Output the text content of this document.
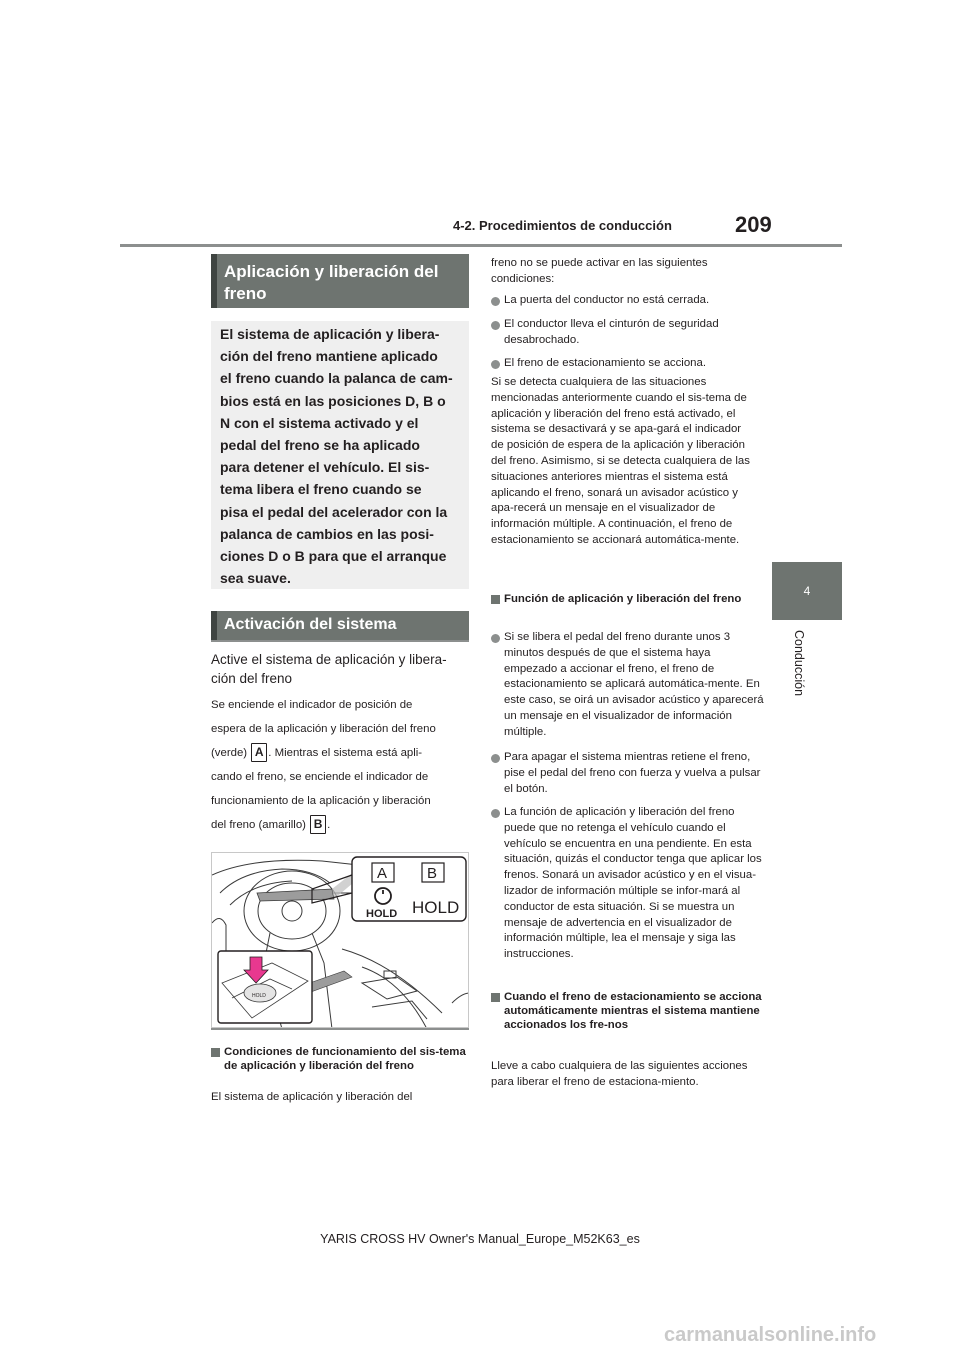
4-2. Procedimientos de conducción	209
4
Conducción
Aplicación y liberación del freno
El sistema de aplicación y libera-
ción del freno mantiene aplicado
el freno cuando la palanca de cam-
bios está en las posiciones D, B o
N con el sistema activado y el
pedal del freno se ha aplicado
para detener el vehículo. El sis-
tema libera el freno cuando se
pisa el pedal del acelerador con la
palanca de cambios en las posi-
ciones D o B para que el arranque
sea suave.
Activación del sistema
Active el sistema de aplicación y libera-
ción del freno
Se enciende el indicador de posición de
espera de la aplicación y liberación del freno
(verde) A . Mientras el sistema está apli-
cando el freno, se enciende el indicador de
funcionamiento de la aplicación y liberación
del freno (amarillo) B .
HOLD
A	B
HOLD HOLD
Condiciones de funcionamiento del sis-tema de aplicación y liberación del freno
El sistema de aplicación y liberación del
freno no se puede activar en las siguientes condiciones:
La puerta del conductor no está cerrada.
El conductor lleva el cinturón de seguridad desabrochado.
El freno de estacionamiento se acciona.
Si se detecta cualquiera de las situaciones mencionadas anteriormente cuando el sis-tema de aplicación y liberación del freno está activado, el sistema se desactivará y se apa-gará el indicador de posición de espera de la aplicación y liberación del freno. Asimismo, si se detecta cualquiera de las situaciones anteriores mientras el sistema está aplicando el freno, sonará un avisador acústico y apa-recerá un mensaje en el visualizador de información múltiple. A continuación, el freno de estacionamiento se accionará automática-mente.
Función de aplicación y liberación del freno
Si se libera el pedal del freno durante unos 3 minutos después de que el sistema haya empezado a accionar el freno, el freno de estacionamiento se aplicará automática-mente. En este caso, se oirá un avisador acústico y aparecerá un mensaje en el visualizador de información múltiple.
Para apagar el sistema mientras retiene el freno, pise el pedal del freno con fuerza y vuelva a pulsar el botón.
La función de aplicación y liberación del freno puede que no retenga el vehículo cuando el vehículo se encuentra en una pendiente. En esta situación, quizás el conductor tenga que aplicar los frenos. Sonará un avisador acústico y en el visua-lizador de información múltiple se infor-mará al conductor de esta situación. Si se muestra un mensaje de advertencia en el visualizador de información múltiple, lea el mensaje y siga las instrucciones.
Cuando el freno de estacionamiento se acciona automáticamente mientras el sistema mantiene accionados los fre-nos
Lleve a cabo cualquiera de las siguientes acciones para liberar el freno de estaciona-miento.
YARIS CROSS HV Owner's Manual_Europe_M52K63_es
carmanualsonline.info
